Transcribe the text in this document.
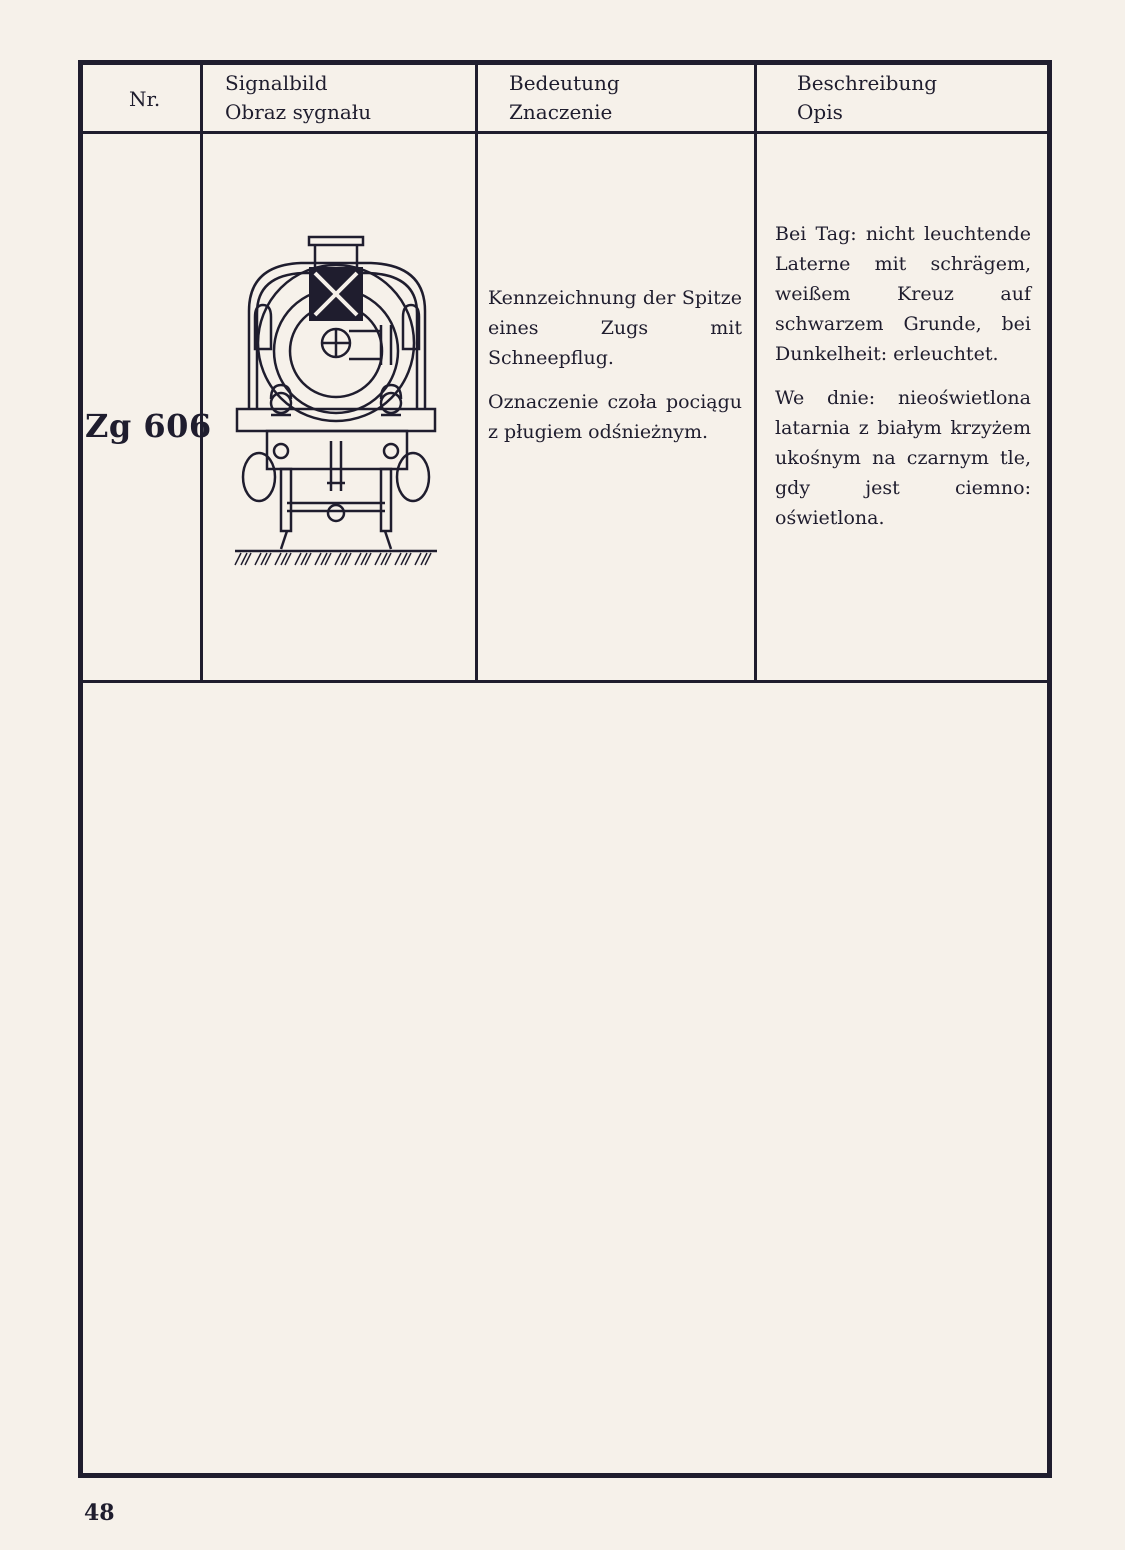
Nr.
Signalbild
Obraz sygnału
Bedeutung
Znaczenie
Beschreibung
Opis
Zg 606

Kennzeichnung der Spitze eines Zugs mit Schneepflug.

Oznaczenie czoła pociągu z pługiem odśnieżnym.

Bei Tag: nicht leuchtende Laterne mit schrägem, weißem Kreuz auf schwarzem Grunde, bei Dunkelheit: erleuchtet.

We dnie: nieoświetlona latarnia z białym krzyżem ukośnym na czarnym tle, gdy jest ciemno: oświetlona.

48
